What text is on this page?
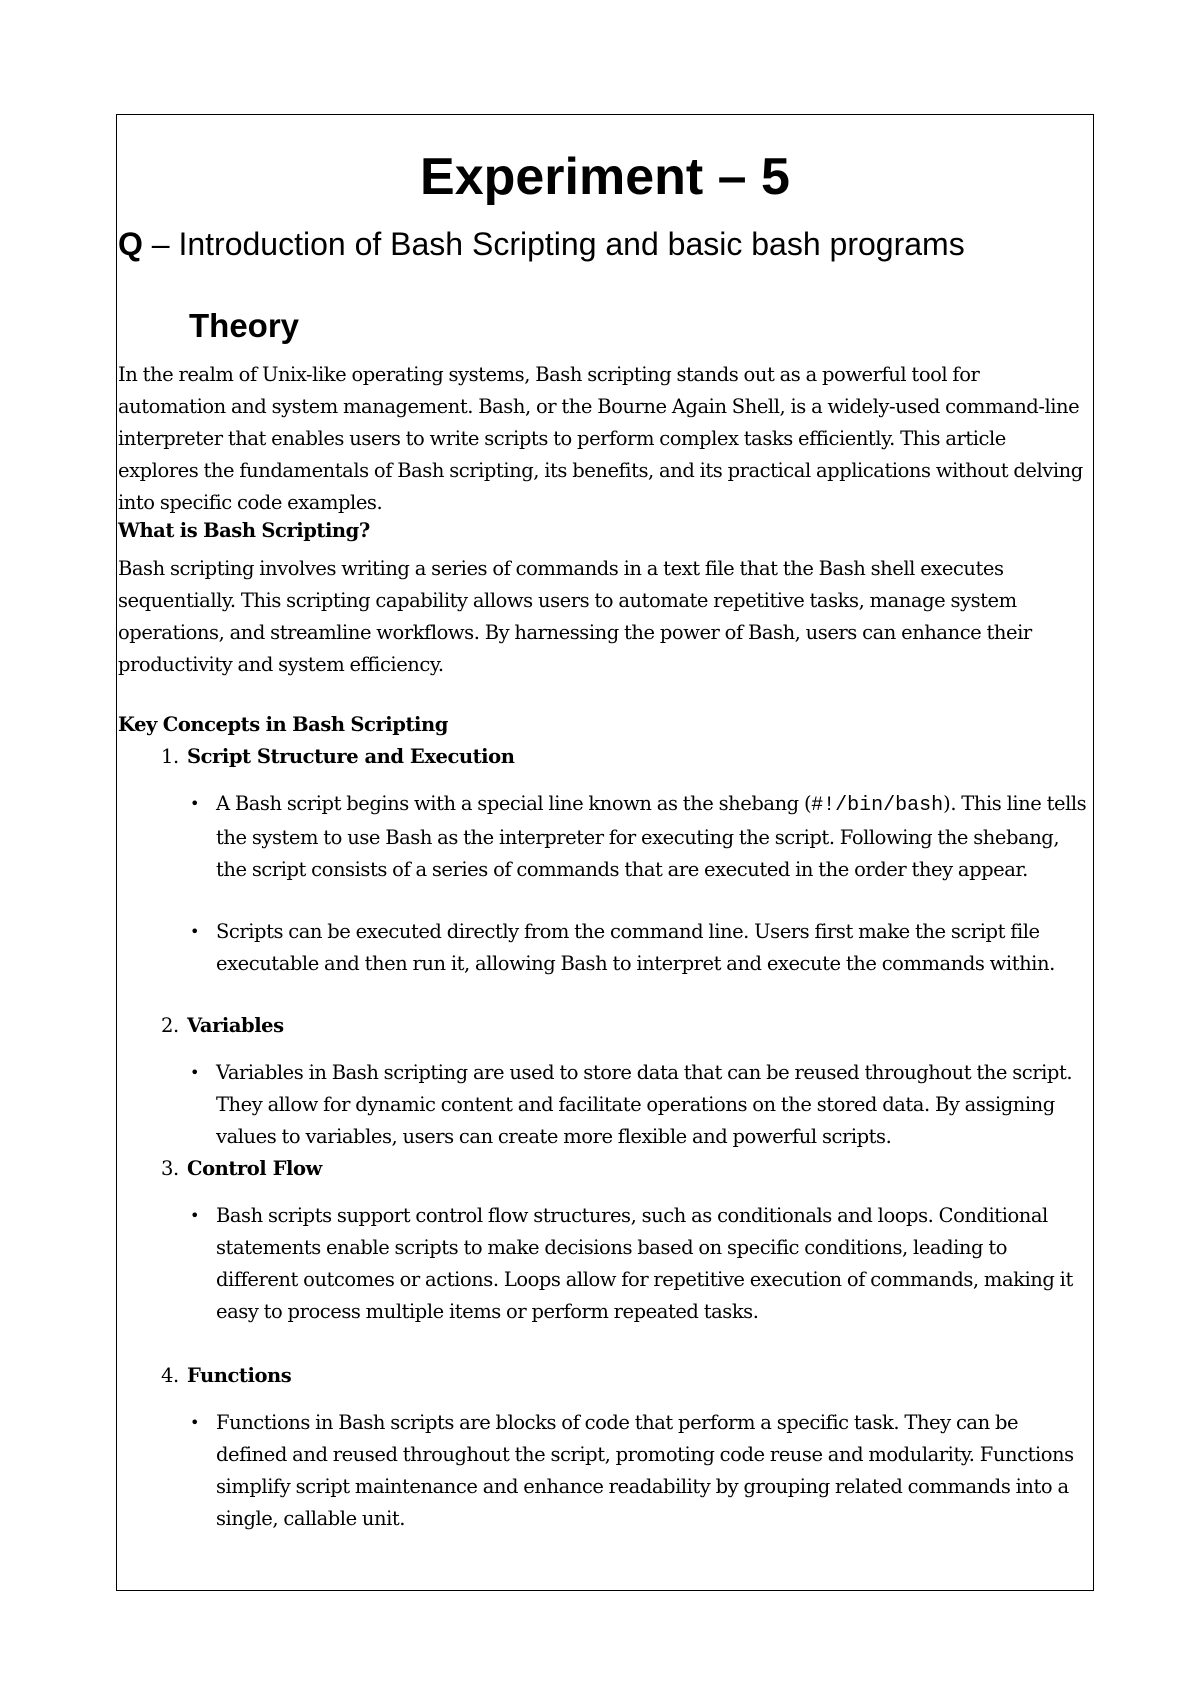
Experiment – 5
Q – Introduction of Bash Scripting and basic bash programs
Theory

In the realm of Unix-like operating systems, Bash scripting stands out as a powerful tool for automation and system management. Bash, or the Bourne Again Shell, is a widely-used command-line interpreter that enables users to write scripts to perform complex tasks efficiently. This article explores the fundamentals of Bash scripting, its benefits, and its practical applications without delving into specific code examples.

What is Bash Scripting?

Bash scripting involves writing a series of commands in a text file that the Bash shell executes sequentially. This scripting capability allows users to automate repetitive tasks, manage system operations, and streamline workflows. By harnessing the power of Bash, users can enhance their productivity and system efficiency.

Key Concepts in Bash Scripting
1. Script Structure and Execution
• A Bash script begins with a special line known as the shebang (#!/bin/bash). This line tells the system to use Bash as the interpreter for executing the script. Following the shebang, the script consists of a series of commands that are executed in the order they appear.
• Scripts can be executed directly from the command line. Users first make the script file executable and then run it, allowing Bash to interpret and execute the commands within.
2. Variables
• Variables in Bash scripting are used to store data that can be reused throughout the script. They allow for dynamic content and facilitate operations on the stored data. By assigning values to variables, users can create more flexible and powerful scripts.
3. Control Flow
• Bash scripts support control flow structures, such as conditionals and loops. Conditional statements enable scripts to make decisions based on specific conditions, leading to different outcomes or actions. Loops allow for repetitive execution of commands, making it easy to process multiple items or perform repeated tasks.
4. Functions
• Functions in Bash scripts are blocks of code that perform a specific task. They can be defined and reused throughout the script, promoting code reuse and modularity. Functions simplify script maintenance and enhance readability by grouping related commands into a single, callable unit.
